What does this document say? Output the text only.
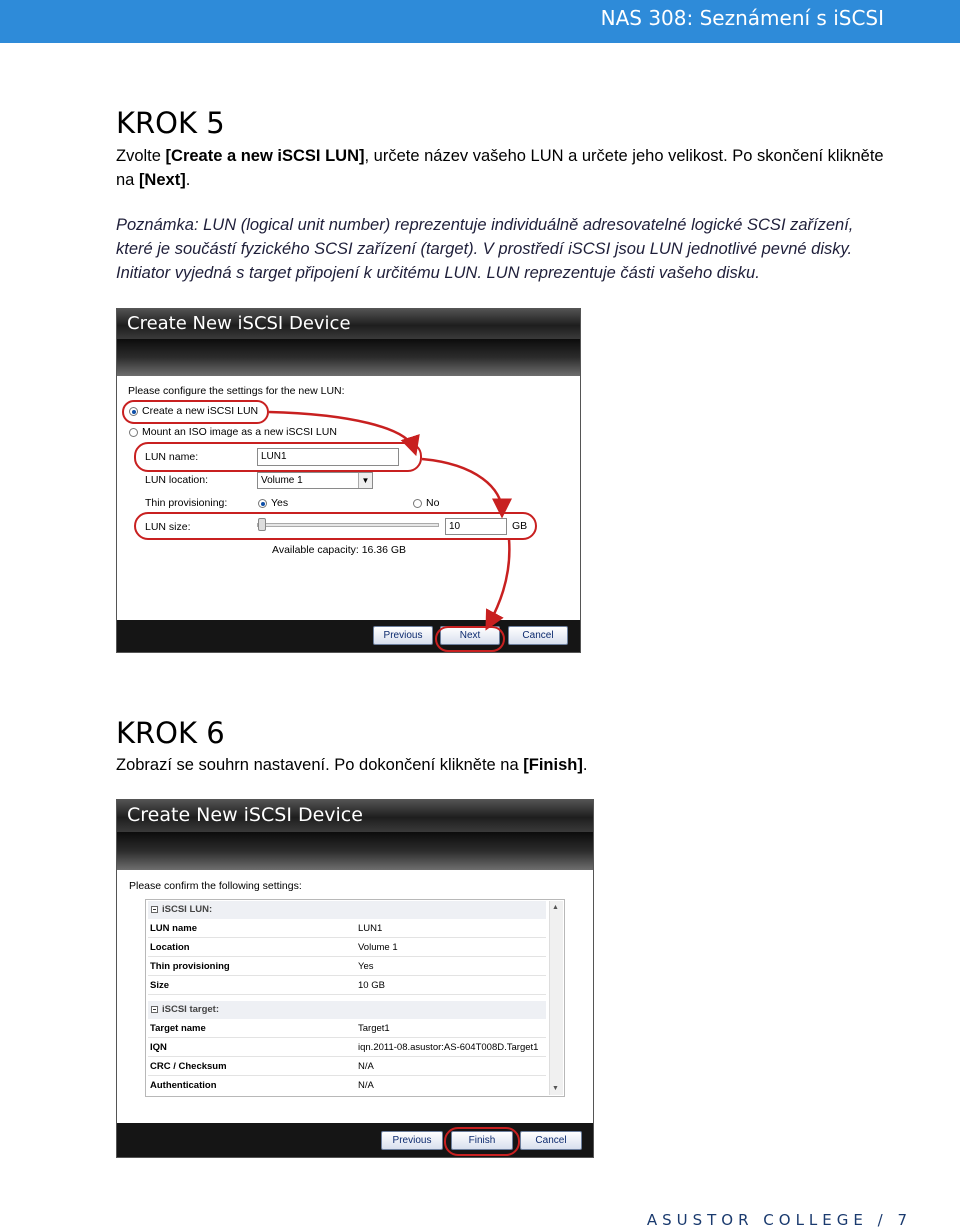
NAS 308: Seznámení s iSCSI
KROK 5
Zvolte [Create a new iSCSI LUN], určete název vašeho LUN a určete jeho velikost. Po skončení klikněte
na [Next].
Poznámka: LUN (logical unit number) reprezentuje individuálně adresovatelné logické SCSI zařízení,
které je součástí fyzického SCSI zařízení (target). V prostředí iSCSI jsou LUN jednotlivé pevné disky.
Initiator vyjedná s target připojení k určitému LUN. LUN reprezentuje části vašeho disku.
Create New iSCSI Device
Please configure the settings for the new LUN:
Create a new iSCSI LUN
Mount an ISO image as a new iSCSI LUN
LUN name:	LUN1
LUN location:	Volume 1	▼
Thin provisioning:	Yes	No
LUN size:	10	GB
Available capacity: 16.36 GB
Previous	Next	Cancel
KROK 6
Zobrazí se souhrn nastavení. Po dokončení klikněte na [Finish].
Create New iSCSI Device
Please confirm the following settings:
iSCSI LUN:
LUN name	LUN1
Location	Volume 1
Thin provisioning	Yes
Size	10 GB
iSCSI target:
Target name	Target1
IQN	iqn.2011-08.asustor:AS-604T008D.Target1
CRC / Checksum	N/A
Authentication	N/A
▲
▼
Previous	Finish	Cancel
ASUSTOR COLLEGE / 7
